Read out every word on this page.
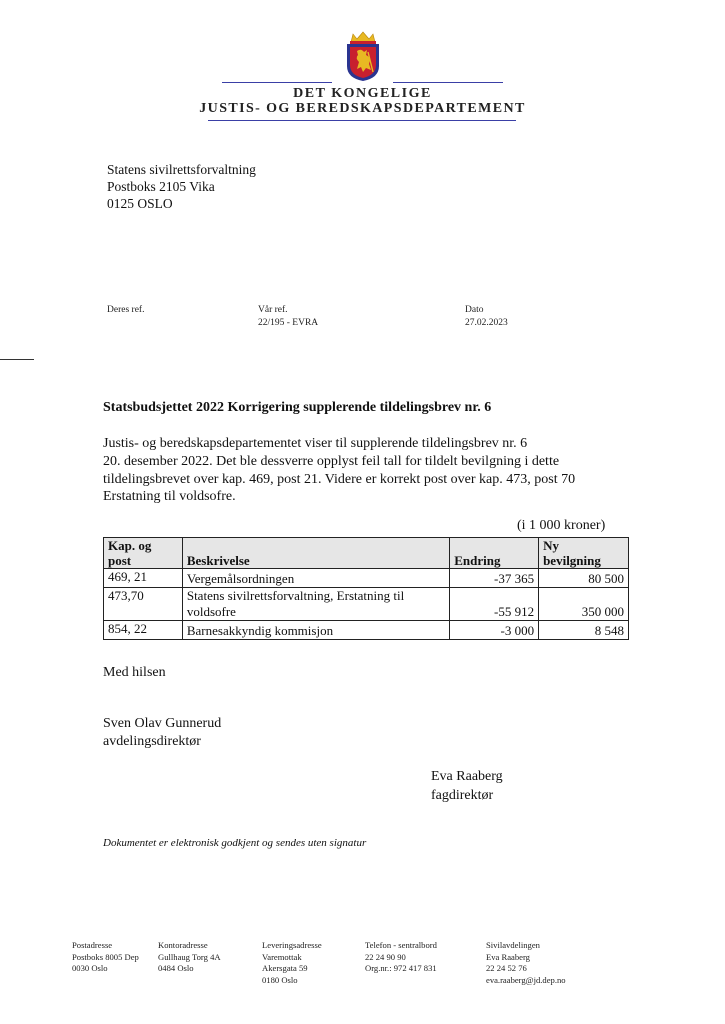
DET KONGELIGE
JUSTIS- OG BEREDSKAPSDEPARTEMENT
Statens sivilrettsforvaltning
Postboks 2105 Vika
0125 OSLO
Deres ref.	Vår ref.
22/195 - EVRA
Dato
27.02.2023
Statsbudsjettet 2022 Korrigering supplerende tildelingsbrev nr. 6
Justis- og beredskapsdepartementet viser til supplerende tildelingsbrev nr. 6
20. desember 2022. Det ble dessverre opplyst feil tall for tildelt bevilgning i dette
tildelingsbrevet over kap. 469, post 21. Videre er korrekt post over kap. 473, post 70
Erstatning til voldsofre.
(i 1 000 kroner)
Kap. og
post	Beskrivelse	Endring	Ny
bevilgning
469, 21	Vergemålsordningen	-37 365	80 500
473,70	Statens sivilrettsforvaltning, Erstatning til
voldsofre	-55 912	350 000
854, 22	Barnesakkyndig kommisjon	-3 000	8 548
Med hilsen
Sven Olav Gunnerud
avdelingsdirektør
Eva Raaberg
fagdirektør
Dokumentet er elektronisk godkjent og sendes uten signatur
Postadresse
Postboks 8005 Dep
0030 Oslo
Kontoradresse
Gullhaug Torg 4A
0484 Oslo
Leveringsadresse
Varemottak
Akersgata 59
0180 Oslo
Telefon - sentralbord
22 24 90 90
Org.nr.: 972 417 831
Sivilavdelingen
Eva Raaberg
22 24 52 76
eva.raaberg@jd.dep.no
